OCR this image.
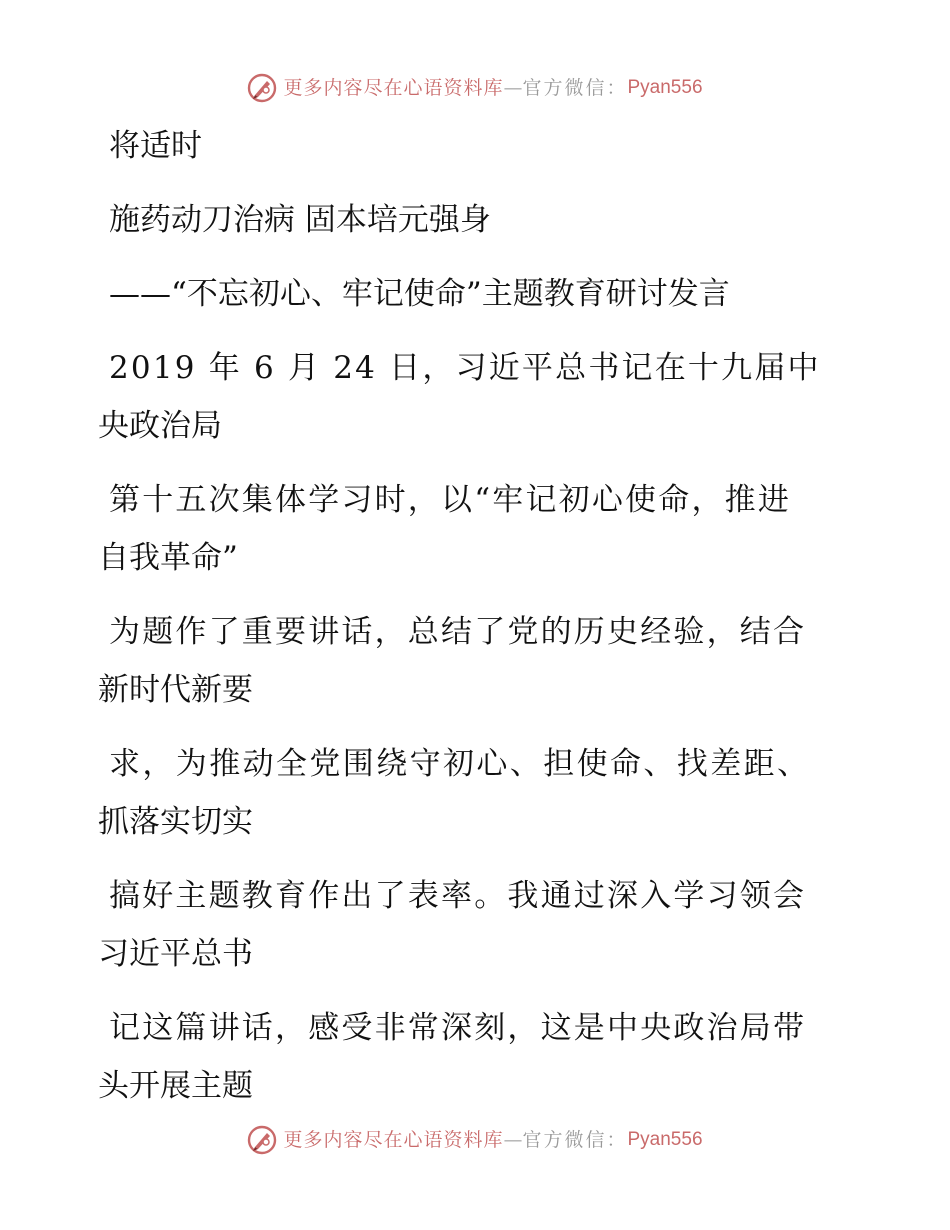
更多内容尽在心语资料库 — 官方微信： Pyan556
将适时
施药动刀治病 固本培元强身
——“不忘初心、牢记使命”主题教育研讨发言
2019 年 6 月 24 日，习近平总书记在十九届中
央政治局
第十五次集体学习时，以“牢记初心使命，推进
自我革命”
为题作了重要讲话，总结了党的历史经验，结合
新时代新要
求，为推动全党围绕守初心、担使命、找差距、
抓落实切实
搞好主题教育作出了表率。我通过深入学习领会
习近平总书
记这篇讲话，感受非常深刻，这是中央政治局带
头开展主题
更多内容尽在心语资料库 — 官方微信： Pyan556
